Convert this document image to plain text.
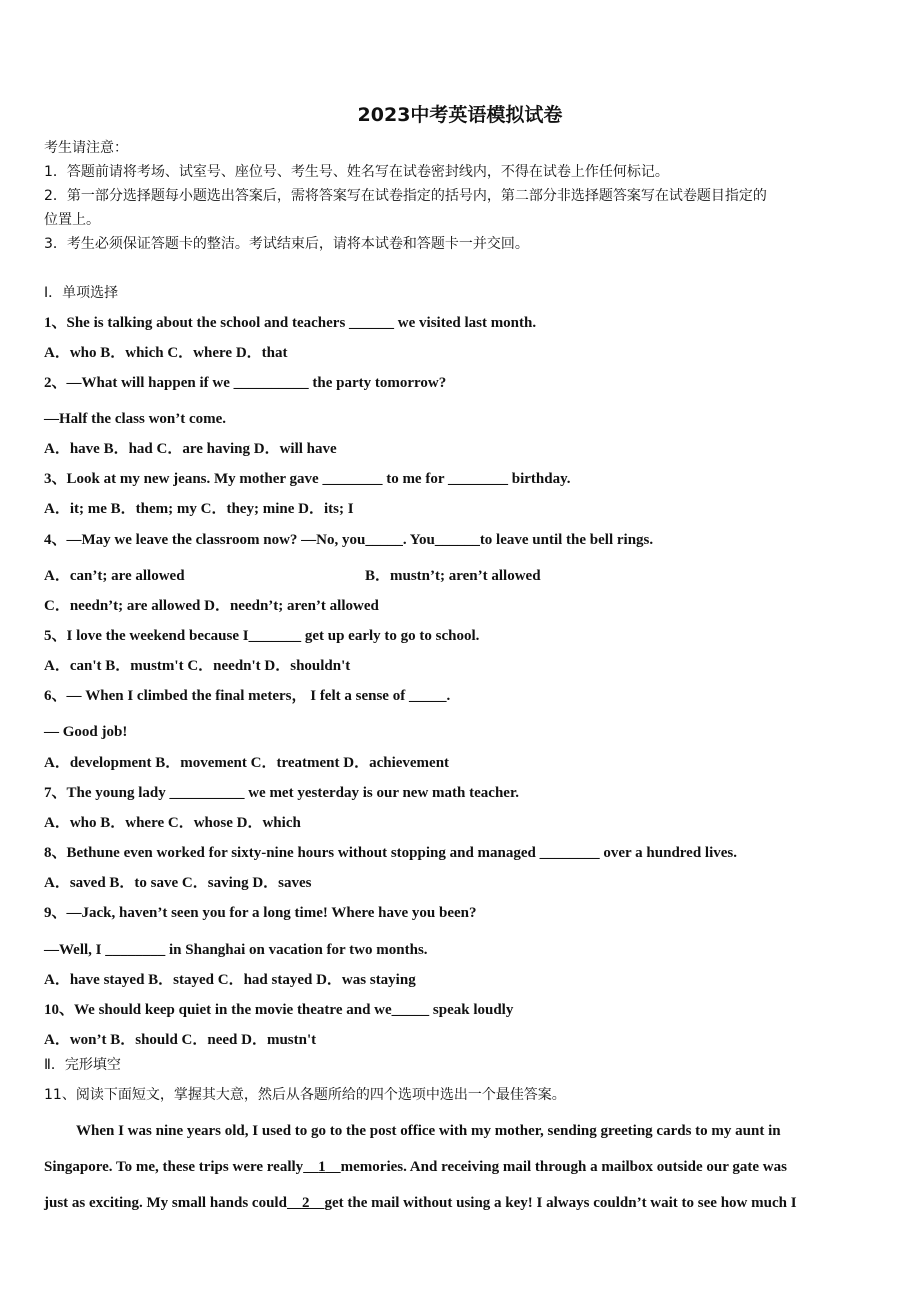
2023中考英语模拟试卷
考生请注意：
1．答题前请将考场、试室号、座位号、考生号、姓名写在试卷密封线内，不得在试卷上作任何标记。
2．第一部分选择题每小题选出答案后，需将答案写在试卷指定的括号内，第二部分非选择题答案写在试卷题目指定的
位置上。
3．考生必须保证答题卡的整洁。考试结束后，请将本试卷和答题卡一并交回。
Ⅰ．单项选择
1、She is talking about the school and teachers ______ we visited last month.
A．who B．which C．where D．that
2、—What will happen if we __________ the party tomorrow?
—Half the class won’t come.
A．have B．had C．are having D．will have
3、Look at my new jeans. My mother gave ________ to me for ________ birthday.
A．it; me B．them; my C．they; mine D．its; I
4、—May we leave the classroom now? —No, you_____. You______to leave until the bell rings.
A．can’t; are allowed	B．mustn’t; aren’t allowed
C．needn’t; are allowed D．needn’t; aren’t allowed
5、I love the weekend because I_______ get up early to go to school.
A．can't B．mustm't C．needn't D．shouldn't
6、— When I climbed the final meters， I felt a sense of _____.
— Good job!
A．development B．movement C．treatment D．achievement
7、The young lady __________ we met yesterday is our new math teacher.
A．who B．where C．whose D．which
8、Bethune even worked for sixty-nine hours without stopping and managed ________ over a hundred lives.
A．saved B．to save C．saving D．saves
9、—Jack, haven’t seen you for a long time! Where have you been?
—Well, I ________ in Shanghai on vacation for two months.
A．have stayed B．stayed C．had stayed D．was staying
10、We should keep quiet in the movie theatre and we_____ speak loudly
A．won’t B．should C．need D．mustn't
Ⅱ．完形填空
11、阅读下面短文，掌握其大意，然后从各题所给的四个选项中选出一个最佳答案。
When I was nine years old, I used to go to the post office with my mother, sending greeting cards to my aunt in
Singapore. To me, these trips were really 1 memories. And receiving mail through a mailbox outside our gate was
just as exciting. My small hands could 2 get the mail without using a key! I always couldn’t wait to see how much I
